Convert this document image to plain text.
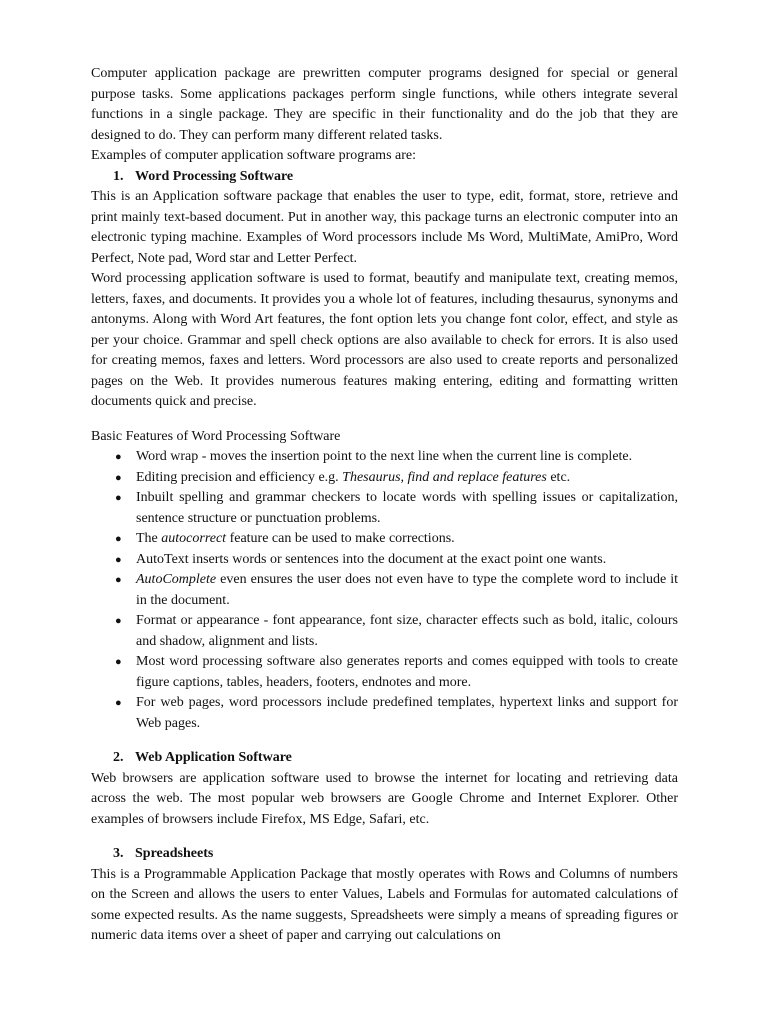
Computer application package are prewritten computer programs designed for special or general purpose tasks. Some applications packages perform single functions, while others integrate several functions in a single package. They are specific in their functionality and do the job that they are designed to do. They can perform many different related tasks.

Examples of computer application software programs are:

1. Word Processing Software

This is an Application software package that enables the user to type, edit, format, store, retrieve and print mainly text-based document. Put in another way, this package turns an electronic computer into an electronic typing machine. Examples of Word processors include Ms Word, MultiMate, AmiPro, Word Perfect, Note pad, Word star and Letter Perfect.

Word processing application software is used to format, beautify and manipulate text, creating memos, letters, faxes, and documents. It provides you a whole lot of features, including thesaurus, synonyms and antonyms. Along with Word Art features, the font option lets you change font color, effect, and style as per your choice. Grammar and spell check options are also available to check for errors. It is also used for creating memos, faxes and letters. Word processors are also used to create reports and personalized pages on the Web. It provides numerous features making entering, editing and formatting written documents quick and precise.

Basic Features of Word Processing Software

● Word wrap - moves the insertion point to the next line when the current line is complete.
● Editing precision and efficiency e.g. Thesaurus, find and replace features etc.
● Inbuilt spelling and grammar checkers to locate words with spelling issues or capitalization, sentence structure or punctuation problems.
● The autocorrect feature can be used to make corrections.
● AutoText inserts words or sentences into the document at the exact point one wants.
● AutoComplete even ensures the user does not even have to type the complete word to include it in the document.
● Format or appearance - font appearance, font size, character effects such as bold, italic, colours and shadow, alignment and lists.
● Most word processing software also generates reports and comes equipped with tools to create figure captions, tables, headers, footers, endnotes and more.
● For web pages, word processors include predefined templates, hypertext links and support for Web pages.
2. Web Application Software

Web browsers are application software used to browse the internet for locating and retrieving data across the web. The most popular web browsers are Google Chrome and Internet Explorer. Other examples of browsers include Firefox, MS Edge, Safari, etc.

3. Spreadsheets

This is a Programmable Application Package that mostly operates with Rows and Columns of numbers on the Screen and allows the users to enter Values, Labels and Formulas for automated calculations of some expected results. As the name suggests, Spreadsheets were simply a means of spreading figures or numeric data items over a sheet of paper and carrying out calculations on
